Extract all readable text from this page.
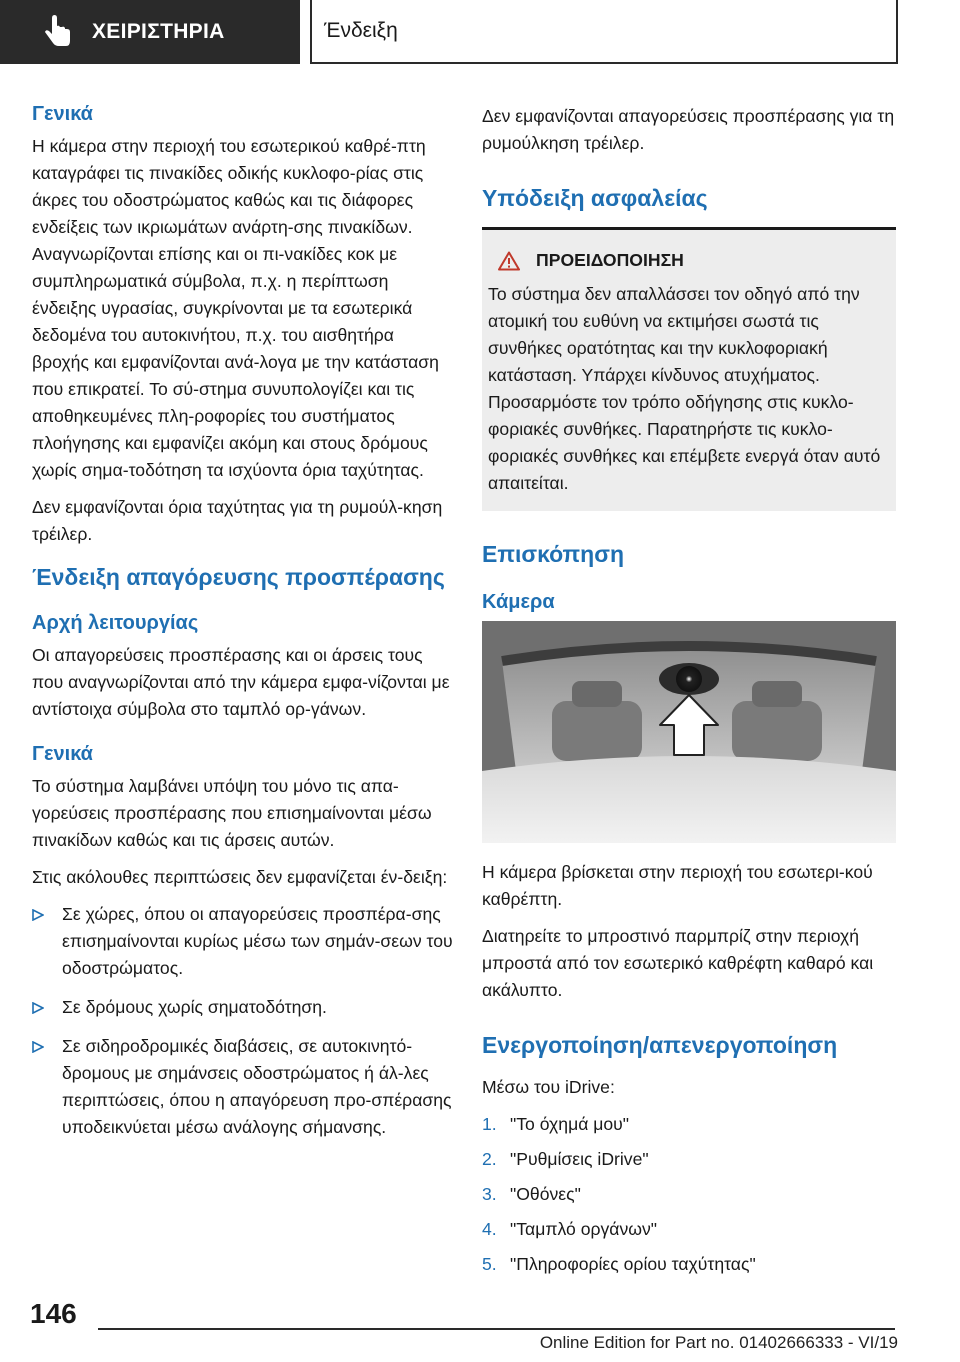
ΧΕΙΡΙΣΤΗΡΙΑ	Ένδειξη
Γενικά

Η κάμερα στην περιοχή του εσωτερικού καθρέ-πτη καταγράφει τις πινακίδες οδικής κυκλοφο-ρίας στις άκρες του οδοστρώματος καθώς και τις διάφορες ενδείξεις των ικριωμάτων ανάρτη-σης πινακίδων. Αναγνωρίζονται επίσης και οι πι-νακίδες κοκ με συμπληρωματικά σύμβολα, π.χ. η περίπτωση ένδειξης υγρασίας, συγκρίνονται με τα εσωτερικά δεδομένα του αυτοκινήτου, π.χ. του αισθητήρα βροχής και εμφανίζονται ανά-λογα με την κατάσταση που επικρατεί. Το σύ-στημα συνυπολογίζει και τις αποθηκευμένες πλη-ροφορίες του συστήματος πλοήγησης και εμφανίζει ακόμη και στους δρόμους χωρίς σημα-τοδότηση τα ισχύοντα όρια ταχύτητας.

Δεν εμφανίζονται όρια ταχύτητας για τη ρυμούλ-κηση τρέιλερ.

Ένδειξη απαγόρευσης προσπέρασης
Αρχή λειτουργίας

Οι απαγορεύσεις προσπέρασης και οι άρσεις τους που αναγνωρίζονται από την κάμερα εμφα-νίζονται με αντίστοιχα σύμβολα στο ταμπλό ορ-γάνων.

Γενικά

Το σύστημα λαμβάνει υπόψη του μόνο τις απα-γορεύσεις προσπέρασης που επισημαίνονται μέσω πινακίδων καθώς και τις άρσεις αυτών.

Στις ακόλουθες περιπτώσεις δεν εμφανίζεται έν-δειξη:

Σε χώρες, όπου οι απαγορεύσεις προσπέρα-σης επισημαίνονται κυρίως μέσω των σημάν-σεων του οδοστρώματος.
Σε δρόμους χωρίς σηματοδότηση.
Σε σιδηροδρομικές διαβάσεις, σε αυτοκινητό-δρομους με σημάνσεις οδοστρώματος ή άλ-λες περιπτώσεις, όπου η απαγόρευση προ-σπέρασης υποδεικνύεται μέσω ανάλογης σήμανσης.

Δεν εμφανίζονται απαγορεύσεις προσπέρασης για τη ρυμούλκηση τρέιλερ.

Υπόδειξη ασφαλείας
ΠΡΟΕΙΔΟΠΟΙΗΣΗ

Το σύστημα δεν απαλλάσσει τον οδηγό από την ατομική του ευθύνη να εκτιμήσει σωστά τις συνθήκες ορατότητας και την κυκλοφοριακή κατάσταση. Υπάρχει κίνδυνος ατυχήματος. Προσαρμόστε τον τρόπο οδήγησης στις κυκλο-φοριακές συνθήκες. Παρατηρήστε τις κυκλο-φοριακές συνθήκες και επέμβετε ενεργά όταν αυτό απαιτείται.

Επισκόπηση
Κάμερα

Η κάμερα βρίσκεται στην περιοχή του εσωτερι-κού καθρέπτη.

Διατηρείτε το μπροστινό παρμπρίζ στην περιοχή μπροστά από τον εσωτερικό καθρέφτη καθαρό και ακάλυπτο.

Ενεργοποίηση/απενεργοποίηση

Μέσω του iDrive:

1. "Το όχημά μου"
2. "Ρυθμίσεις iDrive"
3. "Οθόνες"
4. "Ταμπλό οργάνων"
5. "Πληροφορίες ορίου ταχύτητας"
146
Online Edition for Part no. 01402666333 - VI/19
